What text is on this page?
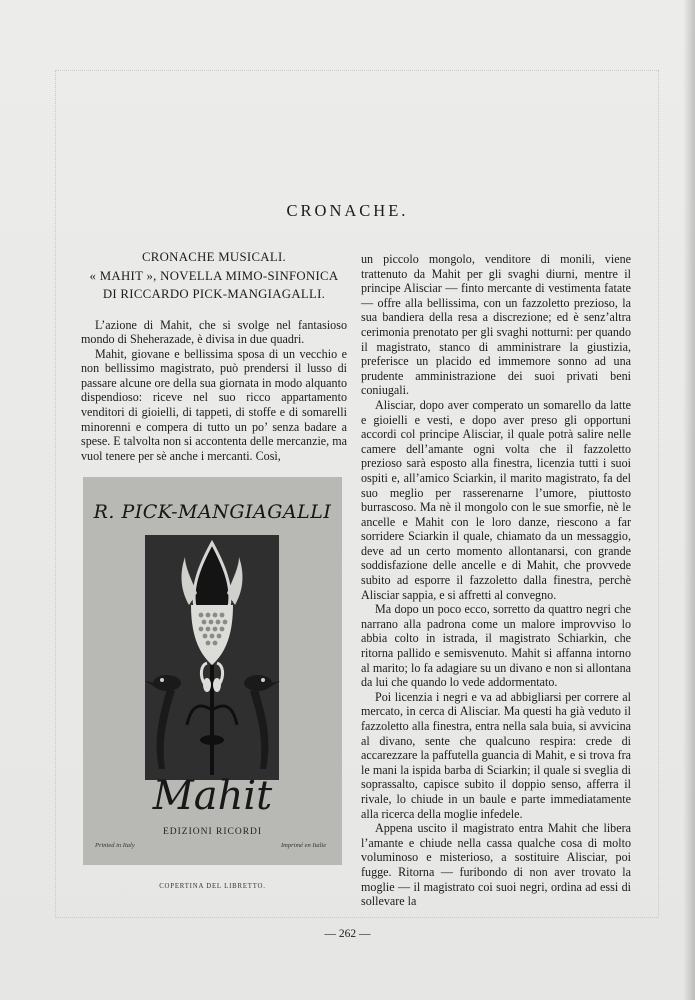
CRONACHE.
CRONACHE MUSICALI.
« MAHIT », NOVELLA MIMO-SINFONICA
DI RICCARDO PICK-MANGIAGALLI.

L’azione di Mahit, che si svolge nel fantasioso mondo di Sheherazade, è divisa in due quadri.

Mahit, giovane e bellissima sposa di un vecchio e non bellissimo magistrato, può prendersi il lusso di passare alcune ore della sua giornata in modo alquanto dispendioso: riceve nel suo ricco appartamento venditori di gioielli, di tappeti, di stoffe e di somarelli minorenni e compera di tutto un po’ senza badare a spese. E talvolta non si accontenta delle mercanzie, ma vuol tenere per sè anche i mercanti. Così,

R. PICK-MANGIAGALLI
Mahit
EDIZIONI RICORDI
Printed in Italy	Imprimé en Italie
COPERTINA DEL LIBRETTO.

un piccolo mongolo, venditore di monili, viene trattenuto da Mahit per gli svaghi diurni, mentre il principe Alisciar — finto mercante di vestimenta fatate — offre alla bellissima, con un fazzoletto prezioso, la sua bandiera della resa a discrezione; ed è senz’altra cerimonia prenotato per gli svaghi notturni: per quando il magistrato, stanco di amministrare la giustizia, preferisce un placido ed immemore sonno ad una prudente amministrazione dei suoi privati beni coniugali.

Alisciar, dopo aver comperato un somarello da latte e gioielli e vesti, e dopo aver preso gli opportuni accordi col principe Alisciar, il quale potrà salire nelle camere dell’amante ogni volta che il fazzoletto prezioso sarà esposto alla finestra, licenzia tutti i suoi ospiti e, all’amico Sciarkin, il marito magistrato, fa del suo meglio per rasserenarne l’umore, piuttosto burrascoso. Ma nè il mongolo con le sue smorfie, nè le ancelle e Mahit con le loro danze, riescono a far sorridere Sciarkin il quale, chiamato da un messaggio, deve ad un certo momento allontanarsi, con grande soddisfazione delle ancelle e di Mahit, che provvede subito ad esporre il fazzoletto dalla finestra, perchè Alisciar sappia, e si affretti al convegno.

Ma dopo un poco ecco, sorretto da quattro negri che narrano alla padrona come un malore improvviso lo abbia colto in istrada, il magistrato Schiarkin, che ritorna pallido e semisvenuto. Mahit si affanna intorno al marito; lo fa adagiare su un divano e non si allontana da lui che quando lo vede addormentato.

Poi licenzia i negri e va ad abbigliarsi per correre al mercato, in cerca di Alisciar. Ma questi ha già veduto il fazzoletto alla finestra, entra nella sala buia, si avvicina al divano, sente che qualcuno respira: crede di accarezzare la paffutella guancia di Mahit, e si trova fra le mani la ispida barba di Sciarkin; il quale si sveglia di soprassalto, capisce subito il doppio senso, afferra il rivale, lo chiude in un baule e parte immediatamente alla ricerca della moglie infedele.

Appena uscito il magistrato entra Mahit che libera l’amante e chiude nella cassa qualche cosa di molto voluminoso e misterioso, a sostituire Alisciar, poi fugge. Ritorna — furibondo di non aver trovato la moglie — il magistrato coi suoi negri, ordina ad essi di sollevare la

— 262 —
